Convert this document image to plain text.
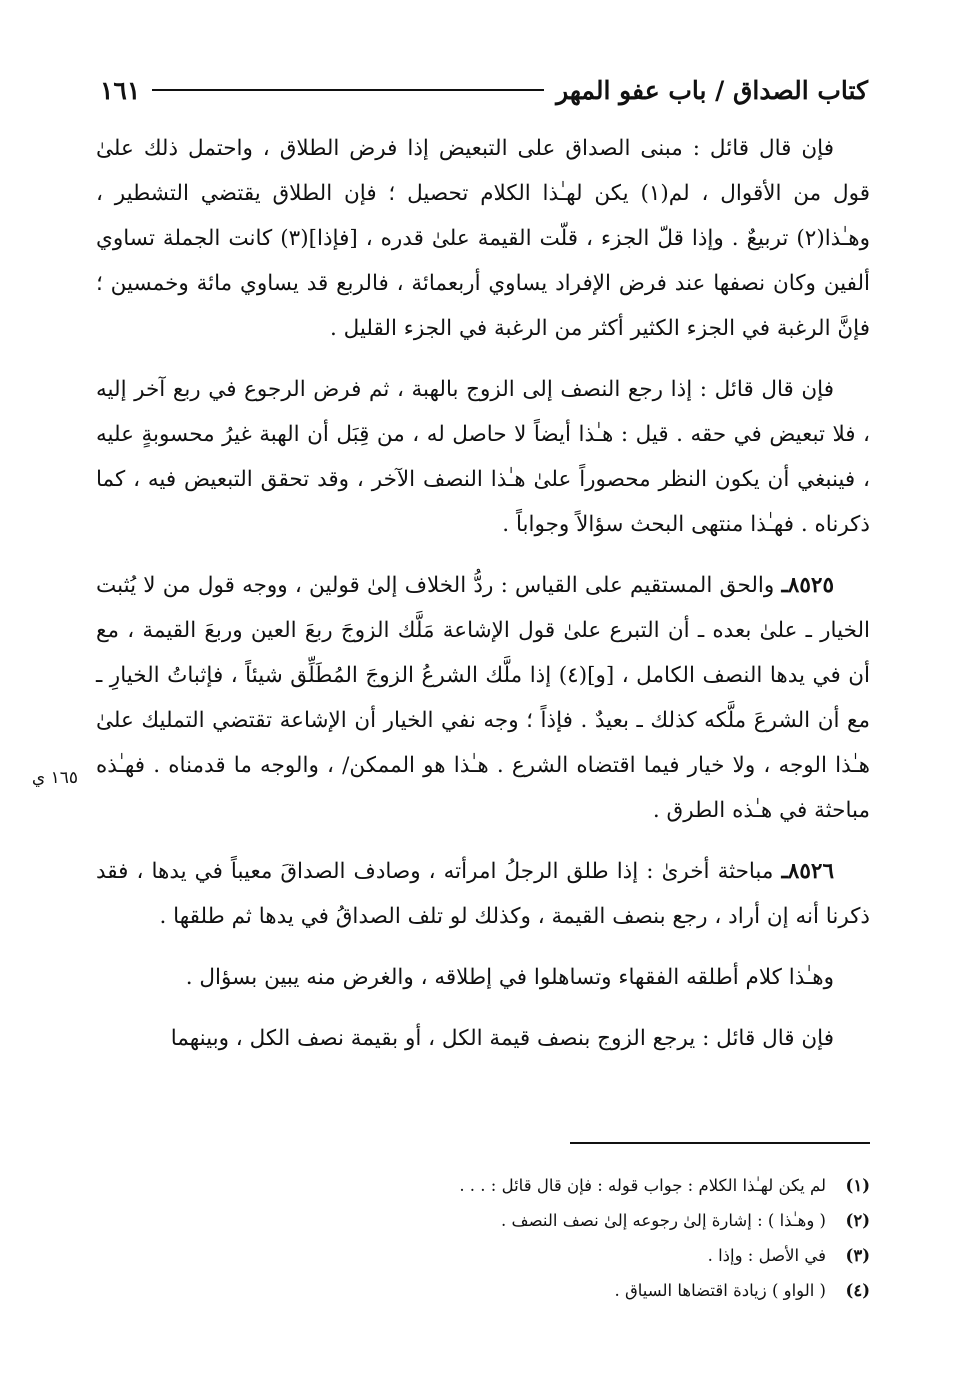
كتاب الصداق / باب عفو المهر
١٦١

فإن قال قائل : مبنى الصداق على التبعيض إذا فرض الطلاق ، واحتمل ذلك علىٰ قول من الأقوال ، لم(١) يكن لهـٰذا الكلام تحصيل ؛ فإن الطلاق يقتضي التشطير ، وهـٰذا(٢) تربيعٌ . وإذا قلّ الجزء ، قلّت القيمة علىٰ قدره ، [فإذا](٣) كانت الجملة تساوي ألفين وكان نصفها عند فرض الإفراد يساوي أربعمائة ، فالربع قد يساوي مائة وخمسين ؛ فإنَّ الرغبة في الجزء الكثير أكثر من الرغبة في الجزء القليل .

فإن قال قائل : إذا رجع النصف إلى الزوج بالهبة ، ثم فرض الرجوع في ربع آخر إليه ، فلا تبعيض في حقه . قيل : هـٰذا أيضاً لا حاصل له ، من قِبَل أن الهبة غيرُ محسوبةٍ عليه ، فينبغي أن يكون النظر محصوراً علىٰ هـٰذا النصف الآخر ، وقد تحقق التبعيض فيه ، كما ذكرناه . فهـٰذا منتهى البحث سؤالاً وجواباً .

٨٥٢٥ـ والحق المستقيم على القياس : ردُّ الخلاف إلىٰ قولين ، ووجه قول من لا يُثبت الخيار ـ علىٰ بعده ـ أن التبرع علىٰ قول الإشاعة مَلَّك الزوجَ ربعَ العين وربعَ القيمة ، مع أن في يدها النصف الكامل ، [و](٤) إذا ملَّك الشرعُ الزوجَ المُطَلِّق شيئاً ، فإثباتُ الخيارِ ـ مع أن الشرعَ ملَّكه كذلك ـ بعيدٌ . فإذاً ؛ وجه نفي الخيار أن الإشاعة تقتضي التمليك علىٰ هـٰذا الوجه ، ولا خيار فيما اقتضاه الشرع . هـٰذا هو الممكن/ ، والوجه ما قدمناه . فهـٰذه مباحثة في هـٰذه الطرق .

٨٥٢٦ـ مباحثة أخرىٰ : إذا طلق الرجلُ امرأته ، وصادف الصداقَ معيباً في يدها ، فقد ذكرنا أنه إن أراد ، رجع بنصف القيمة ، وكذلك لو تلف الصداقُ في يدها ثم طلقها .

وهـٰذا كلام أطلقه الفقهاء وتساهلوا في إطلاقه ، والغرض منه يبين بسؤال .

فإن قال قائل : يرجع الزوج بنصف قيمة الكل ، أو بقيمة نصف الكل ، وبينهما

١٦٥ ي
(١)
لم يكن لهـٰذا الكلام : جواب قوله : فإن قال قائل : . . .
(٢)
( وهـٰذا ) : إشارة إلىٰ رجوعه إلىٰ نصف النصف .
(٣)
في الأصل : وإذا .
(٤)
( الواو ) زيادة اقتضاها السياق .
